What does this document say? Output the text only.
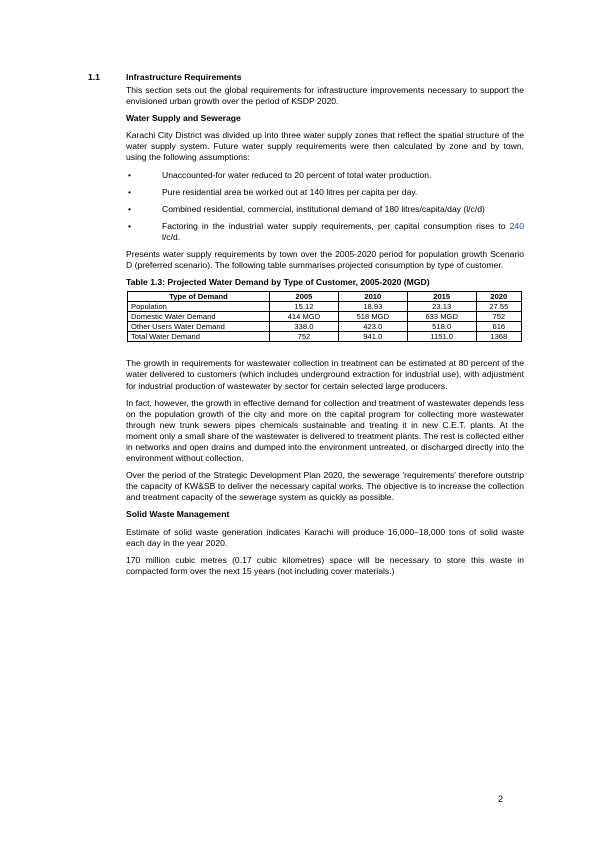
1.1	Infrastructure Requirements

This section sets out the global requirements for infrastructure improvements necessary to support the envisioned urban growth over the period of KSDP 2020.

Water Supply and Sewerage

Karachi City District was divided up into three water supply zones that reflect the spatial structure of the water supply system. Future water supply requirements were then calculated by zone and by town, using the following assumptions:

•	Unaccounted-for water reduced to 20 percent of total water production.
•	Pure residential area be worked out at 140 litres per capita per day.
•	Combined residential, commercial, institutional demand of 180 litres/capita/day (l/c/d)
•	Factoring in the industrial water supply requirements, per capital consumption rises to 240 l/c/d.

Presents water supply requirements by town over the 2005-2020 period for population growth Scenario D (preferred scenario). The following table summarises projected consumption by type of customer.

Table 1.3: Projected Water Demand by Type of Customer, 2005-2020 (MGD)
Type of Demand	2005	2010	2015	2020
Population	15.12	18.93	23.13	27.55
Domestic Water Demand	414 MGD	518 MGD	633 MGD	752
Other Users Water Demand	338.0	423.0	518.0	616
Total Water Demand	752	941.0	1151.0	1368

The growth in requirements for wastewater collection in treatment can be estimated at 80 percent of the water delivered to customers (which includes underground extraction for industrial use), with adjustment for industrial production of wastewater by sector for certain selected large producers.

In fact, however, the growth in effective demand for collection and treatment of wastewater depends less on the population growth of the city and more on the capital program for collecting more wastewater through new trunk sewers pipes chemicals sustainable and treating it in new C.E.T. plants. At the moment only a small share of the wastewater is delivered to treatment plants. The rest is collected either in networks and open drains and dumped into the environment untreated, or discharged directly into the environment without collection.

Over the period of the Strategic Development Plan 2020, the sewerage 'requirements' therefore outstrip the capacity of KW&SB to deliver the necessary capital works. The objective is to increase the collection and treatment capacity of the sewerage system as quickly as possible.

Solid Waste Management

Estimate of solid waste generation indicates Karachi will produce 16,000–18,000 tons of solid waste each day in the year 2020.

170 million cubic metres (0.17 cubic kilometres) space will be necessary to store this waste in compacted form over the next 15 years (not including cover materials.)

2
